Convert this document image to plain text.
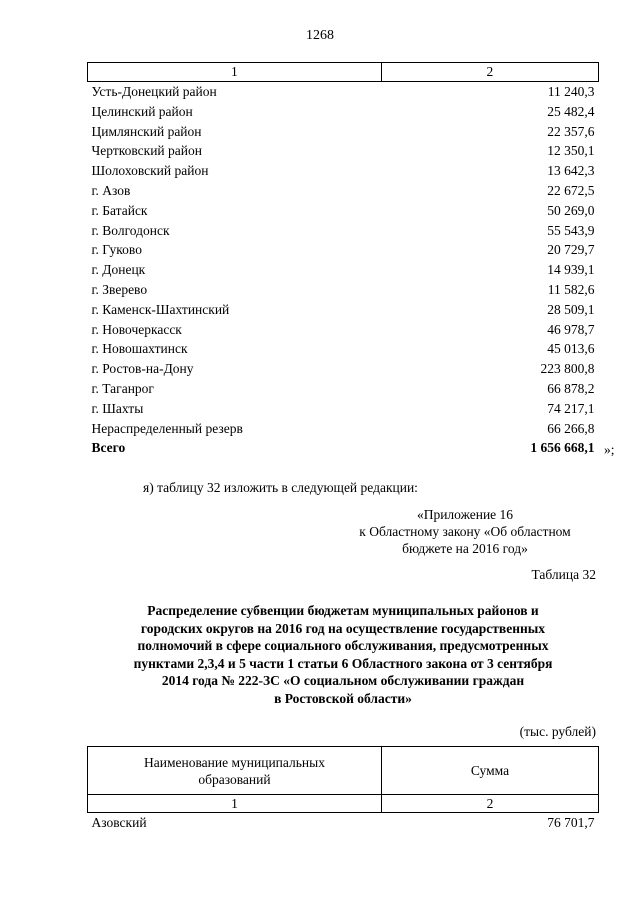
1268
1	2
Усть-Донецкий район	11 240,3
Целинский район	25 482,4
Цимлянский район	22 357,6
Чертковский район	12 350,1
Шолоховский район	13 642,3
г. Азов	22 672,5
г. Батайск	50 269,0
г. Волгодонск	55 543,9
г. Гуково	20 729,7
г. Донецк	14 939,1
г. Зверево	11 582,6
г. Каменск-Шахтинский	28 509,1
г. Новочеркасск	46 978,7
г. Новошахтинск	45 013,6
г. Ростов-на-Дону	223 800,8
г. Таганрог	66 878,2
г. Шахты	74 217,1
Нераспределенный резерв	66 266,8
Всего	1 656 668,1 »;
я) таблицу 32 изложить в следующей редакции:
«Приложение 16
к Областному закону «Об областном
бюджете на 2016 год»
Таблица 32
Распределение субвенции бюджетам муниципальных районов и
городских округов на 2016 год на осуществление государственных
полномочий в сфере социального обслуживания, предусмотренных
пунктами 2,3,4 и 5 части 1 статьи 6 Областного закона от 3 сентября
2014 года № 222-ЗС «О социальном обслуживании граждан
в Ростовской области»
(тыс. рублей)
Наименование муниципальных
образований	Сумма
1	2
Азовский	76 701,7
